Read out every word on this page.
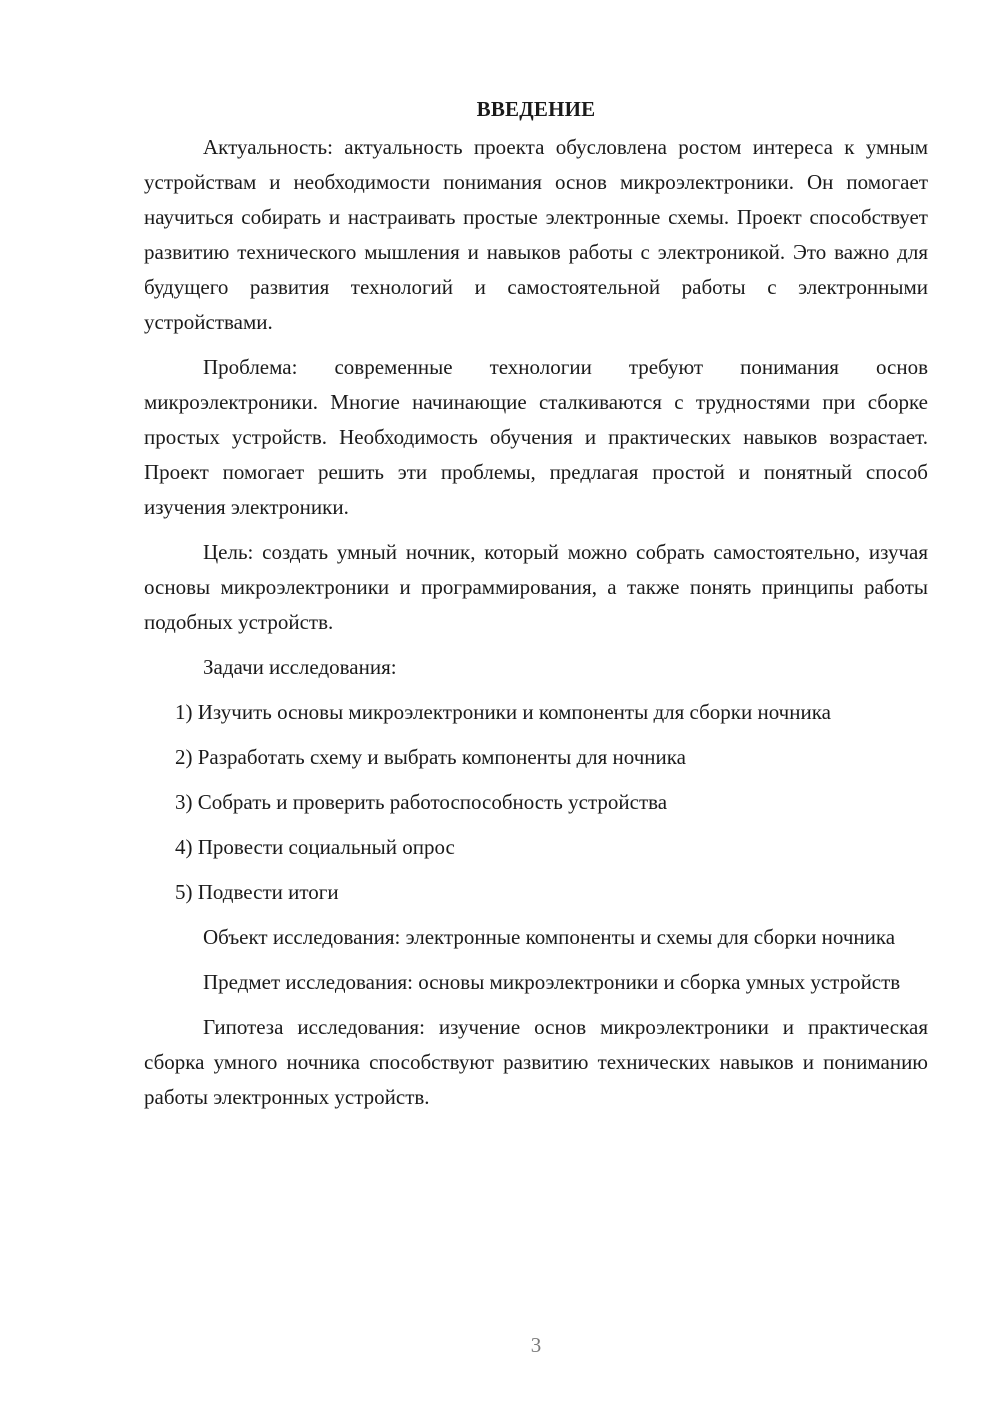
ВВЕДЕНИЕ

Актуальность: актуальность проекта обусловлена ростом интереса к умным устройствам и необходимости понимания основ микроэлектроники. Он помогает научиться собирать и настраивать простые электронные схемы. Проект способствует развитию технического мышления и навыков работы с электроникой. Это важно для будущего развития технологий и самостоятельной работы с электронными устройствами.

Проблема: современные технологии требуют понимания основ микроэлектроники. Многие начинающие сталкиваются с трудностями при сборке простых устройств. Необходимость обучения и практических навыков возрастает. Проект помогает решить эти проблемы, предлагая простой и понятный способ изучения электроники.

Цель: создать умный ночник, который можно собрать самостоятельно, изучая основы микроэлектроники и программирования, а также понять принципы работы подобных устройств.

Задачи исследования:

1) Изучить основы микроэлектроники и компоненты для сборки ночника
2) Разработать схему и выбрать компоненты для ночника
3) Собрать и проверить работоспособность устройства
4) Провести социальный опрос
5) Подвести итоги

Объект исследования: электронные компоненты и схемы для сборки ночника

Предмет исследования: основы микроэлектроники и сборка умных устройств

Гипотеза исследования: изучение основ микроэлектроники и практическая сборка умного ночника способствуют развитию технических навыков и пониманию работы электронных устройств.

3
